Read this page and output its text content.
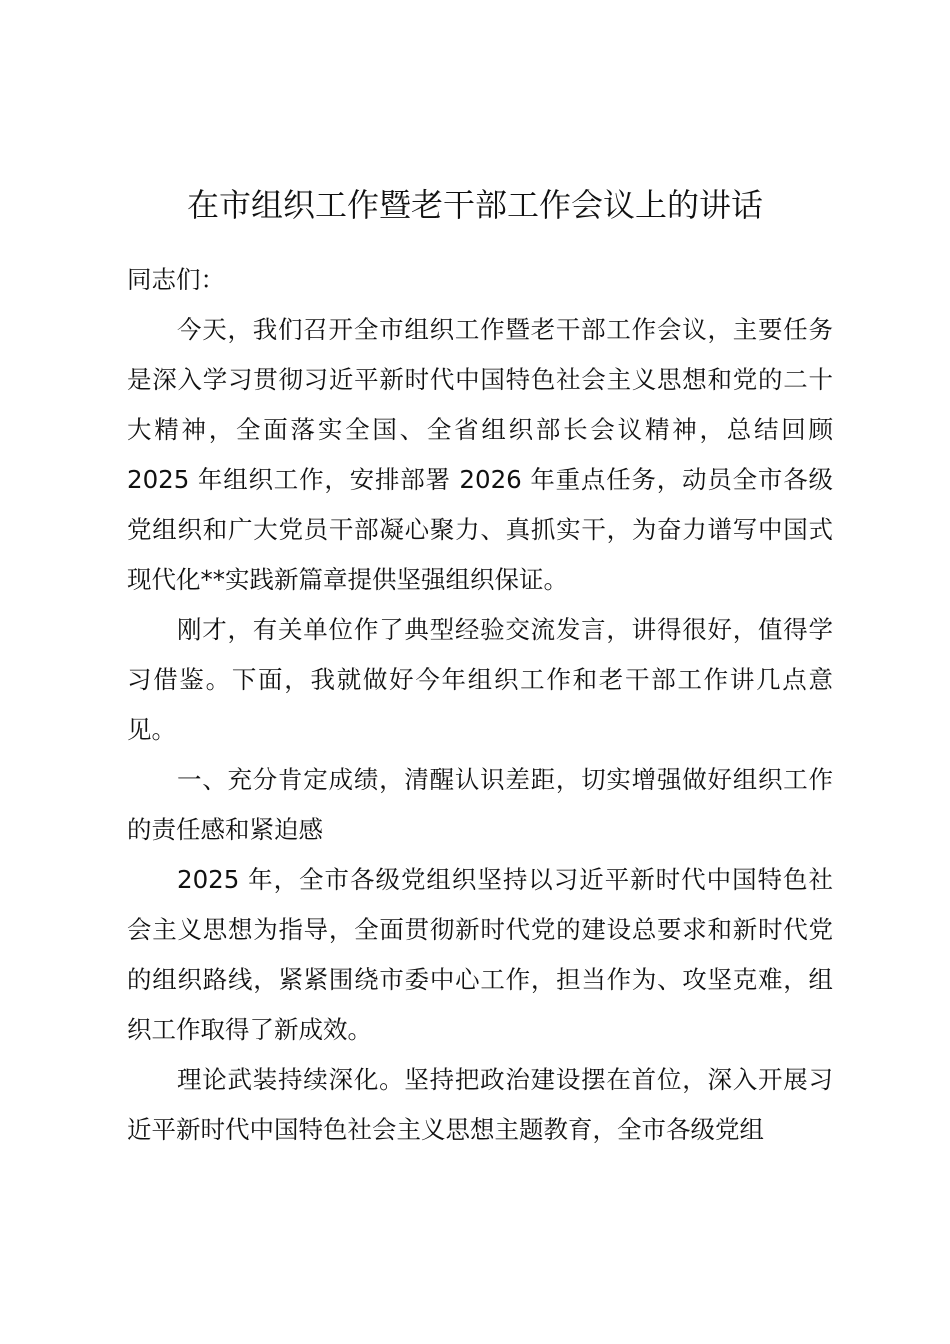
在市组织工作暨老干部工作会议上的讲话

同志们：

今天，我们召开全市组织工作暨老干部工作会议，主要任务是深入学习贯彻习近平新时代中国特色社会主义思想和党的二十大精神，全面落实全国、全省组织部长会议精神，总结回顾 2025 年组织工作，安排部署 2026 年重点任务，动员全市各级党组织和广大党员干部凝心聚力、真抓实干，为奋力谱写中国式现代化**实践新篇章提供坚强组织保证。

刚才，有关单位作了典型经验交流发言，讲得很好，值得学习借鉴。下面，我就做好今年组织工作和老干部工作讲几点意见。

一、充分肯定成绩，清醒认识差距，切实增强做好组织工作的责任感和紧迫感

2025 年，全市各级党组织坚持以习近平新时代中国特色社会主义思想为指导，全面贯彻新时代党的建设总要求和新时代党的组织路线，紧紧围绕市委中心工作，担当作为、攻坚克难，组织工作取得了新成效。

理论武装持续深化。坚持把政治建设摆在首位，深入开展习近平新时代中国特色社会主义思想主题教育，全市各级党组
